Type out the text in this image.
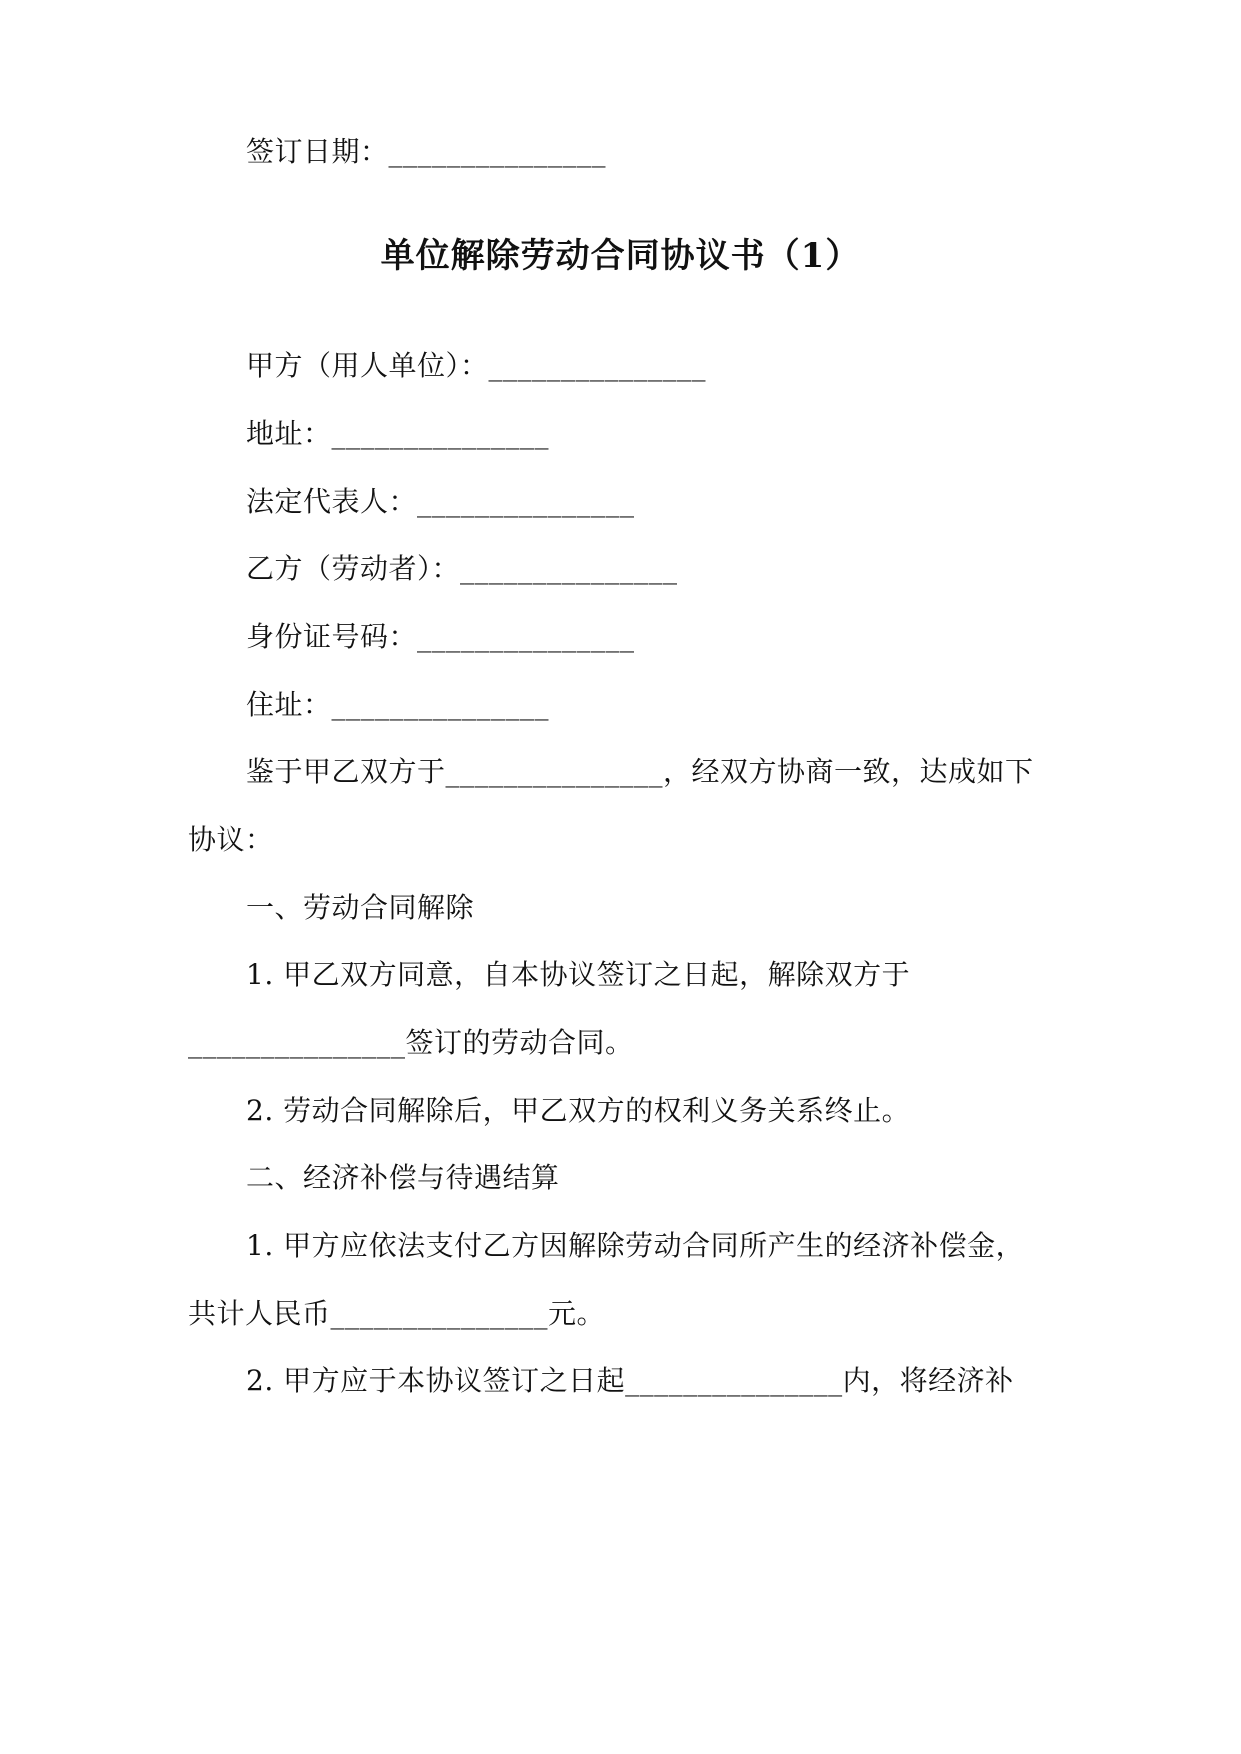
签订日期：_______________
单位解除劳动合同协议书（1）
甲方（用人单位）：_______________
地址：_______________
法定代表人：_______________
乙方（劳动者）：_______________
身份证号码：_______________
住址：_______________
鉴于甲乙双方于_______________，经双方协商一致，达成如下
协议：
一、劳动合同解除
1. 甲乙双方同意，自本协议签订之日起，解除双方于
_______________签订的劳动合同。
2. 劳动合同解除后，甲乙双方的权利义务关系终止。
二、经济补偿与待遇结算
1. 甲方应依法支付乙方因解除劳动合同所产生的经济补偿金，
共计人民币_______________元。
2. 甲方应于本协议签订之日起_______________内，将经济补
